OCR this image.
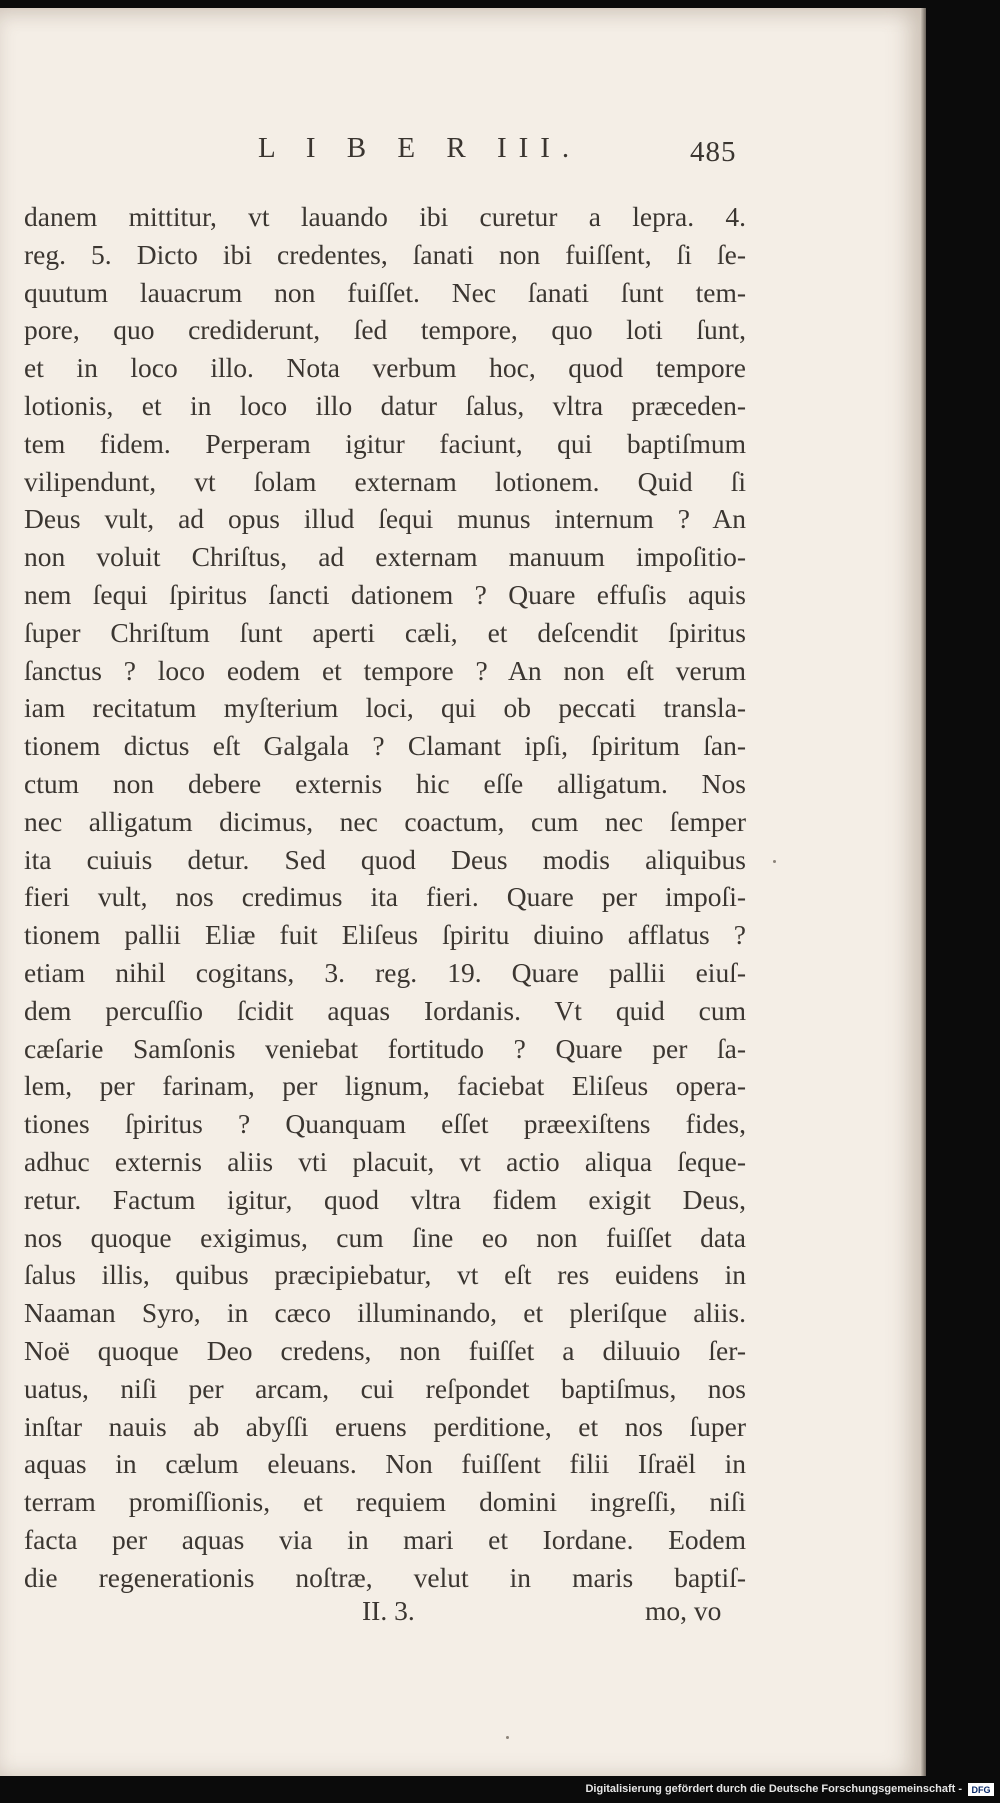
L I B E R III.	485
danem mittitur, vt lauando ibi curetur a lepra. 4.
reg. 5. Dicto ibi credentes, ſanati non fuiſſent, ſi ſe-
quutum lauacrum non fuiſſet. Nec ſanati ſunt tem-
pore, quo crediderunt, ſed tempore, quo loti ſunt,
et in loco illo. Nota verbum hoc, quod tempore
lotionis, et in loco illo datur ſalus, vltra præceden-
tem fidem. Perperam igitur faciunt, qui baptiſmum
vilipendunt, vt ſolam externam lotionem. Quid ſi
Deus vult, ad opus illud ſequi munus internum ? An
non voluit Chriſtus, ad externam manuum impoſitio-
nem ſequi ſpiritus ſancti dationem ? Quare effuſis aquis
ſuper Chriſtum ſunt aperti cæli, et deſcendit ſpiritus
ſanctus ? loco eodem et tempore ? An non eſt verum
iam recitatum myſterium loci, qui ob peccati transla-
tionem dictus eſt Galgala ? Clamant ipſi, ſpiritum ſan-
ctum non debere externis hic eſſe alligatum. Nos
nec alligatum dicimus, nec coactum, cum nec ſemper
ita cuiuis detur. Sed quod Deus modis aliquibus
fieri vult, nos credimus ita fieri. Quare per impoſi-
tionem pallii Eliæ fuit Eliſeus ſpiritu diuino afflatus ?
etiam nihil cogitans, 3. reg. 19. Quare pallii eiuſ-
dem percuſſio ſcidit aquas Iordanis. Vt quid cum
cæſarie Samſonis veniebat fortitudo ? Quare per ſa-
lem, per farinam, per lignum, faciebat Eliſeus opera-
tiones ſpiritus ? Quanquam eſſet præexiſtens fides,
adhuc externis aliis vti placuit, vt actio aliqua ſeque-
retur. Factum igitur, quod vltra fidem exigit Deus,
nos quoque exigimus, cum ſine eo non fuiſſet data
ſalus illis, quibus præcipiebatur, vt eſt res euidens in
Naaman Syro, in cæco illuminando, et pleriſque aliis.
Noë quoque Deo credens, non fuiſſet a diluuio ſer-
uatus, niſi per arcam, cui reſpondet baptiſmus, nos
inſtar nauis ab abyſſi eruens perditione, et nos ſuper
aquas in cælum eleuans. Non fuiſſent filii Iſraël in
terram promiſſionis, et requiem domini ingreſſi, niſi
facta per aquas via in mari et Iordane. Eodem
die regenerationis noſtræ, velut in maris baptiſ-
II. 3.	mo, vo
Digitalisierung gefördert durch die Deutsche Forschungsgemeinschaft - DFG
